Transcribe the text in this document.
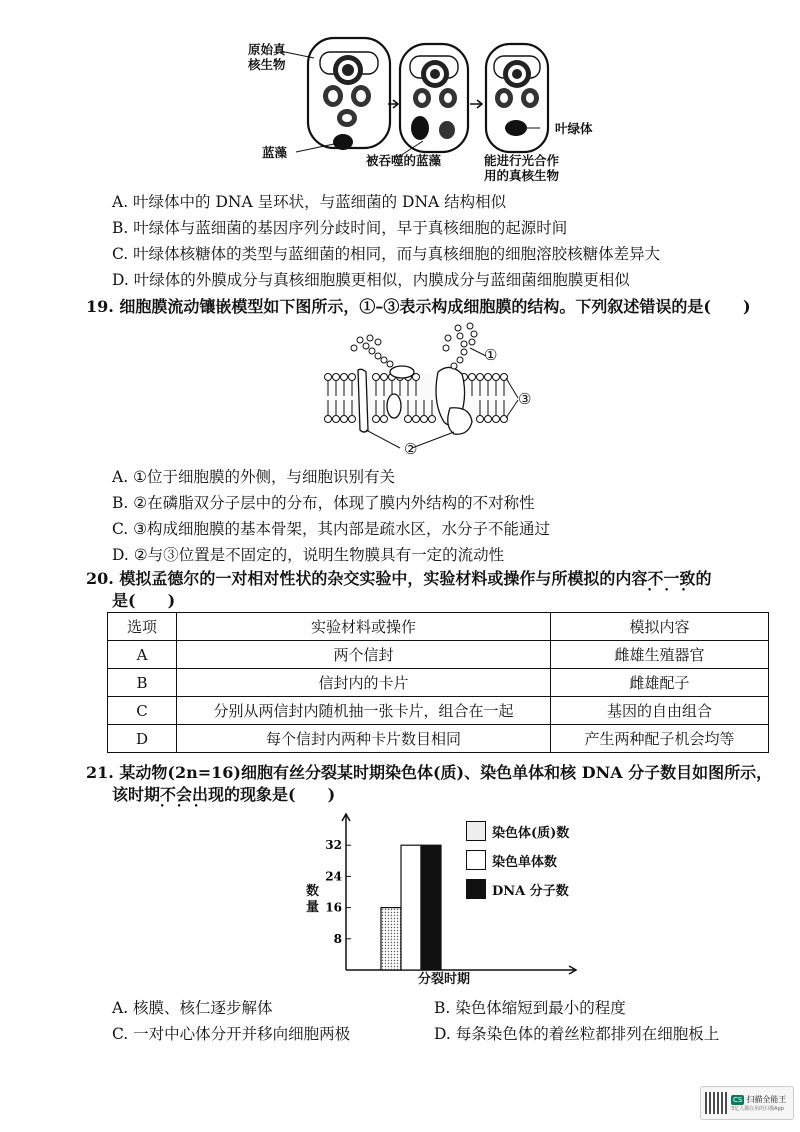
原始真
核生物
蓝藻
被吞噬的蓝藻
叶绿体
能进行光合作
用的真核生物
A. 叶绿体中的 DNA 呈环状，与蓝细菌的 DNA 结构相似
B. 叶绿体与蓝细菌的基因序列分歧时间，早于真核细胞的起源时间
C. 叶绿体核糖体的类型与蓝细菌的相同，而与真核细胞的细胞溶胶核糖体差异大
D. 叶绿体的外膜成分与真核细胞膜更相似，内膜成分与蓝细菌细胞膜更相似
19. 细胞膜流动镶嵌模型如下图所示，①–③表示构成细胞膜的结构。下列叙述错误的是(　　)
①
③
②
A. ①位于细胞膜的外侧，与细胞识别有关
B. ②在磷脂双分子层中的分布，体现了膜内外结构的不对称性
C. ③构成细胞膜的基本骨架，其内部是疏水区，水分子不能通过
D. ②与③位置是不固定的，说明生物膜具有一定的流动性
20. 模拟孟德尔的一对相对性状的杂交实验中，实验材料或操作与所模拟的内容不一致 • • •的
是(　　)
选项	实验材料或操作	模拟内容
A	两个信封	雌雄生殖器官
B	信封内的卡片	雌雄配子
C	分别从两信封内随机抽一张卡片，组合在一起	基因的自由组合
D	每个信封内两种卡片数目相同	产生两种配子机会均等
21. 某动物(2n=16)细胞有丝分裂某时期染色体(质)、染色单体和核 DNA 分子数目如图所示，
该时期不会出现 • • •的现象是(　　)
8
16
24
32
数量
分裂时期
染色体(质)数
染色单体数
DNA 分子数
A. 核膜、核仁逐步解体	B. 染色体缩短到最小的程度
C. 一对中心体分开并移向细胞两极	D. 每条染色体的着丝粒都排列在细胞板上
CS 扫描全能王
3亿人都在用的扫描App
